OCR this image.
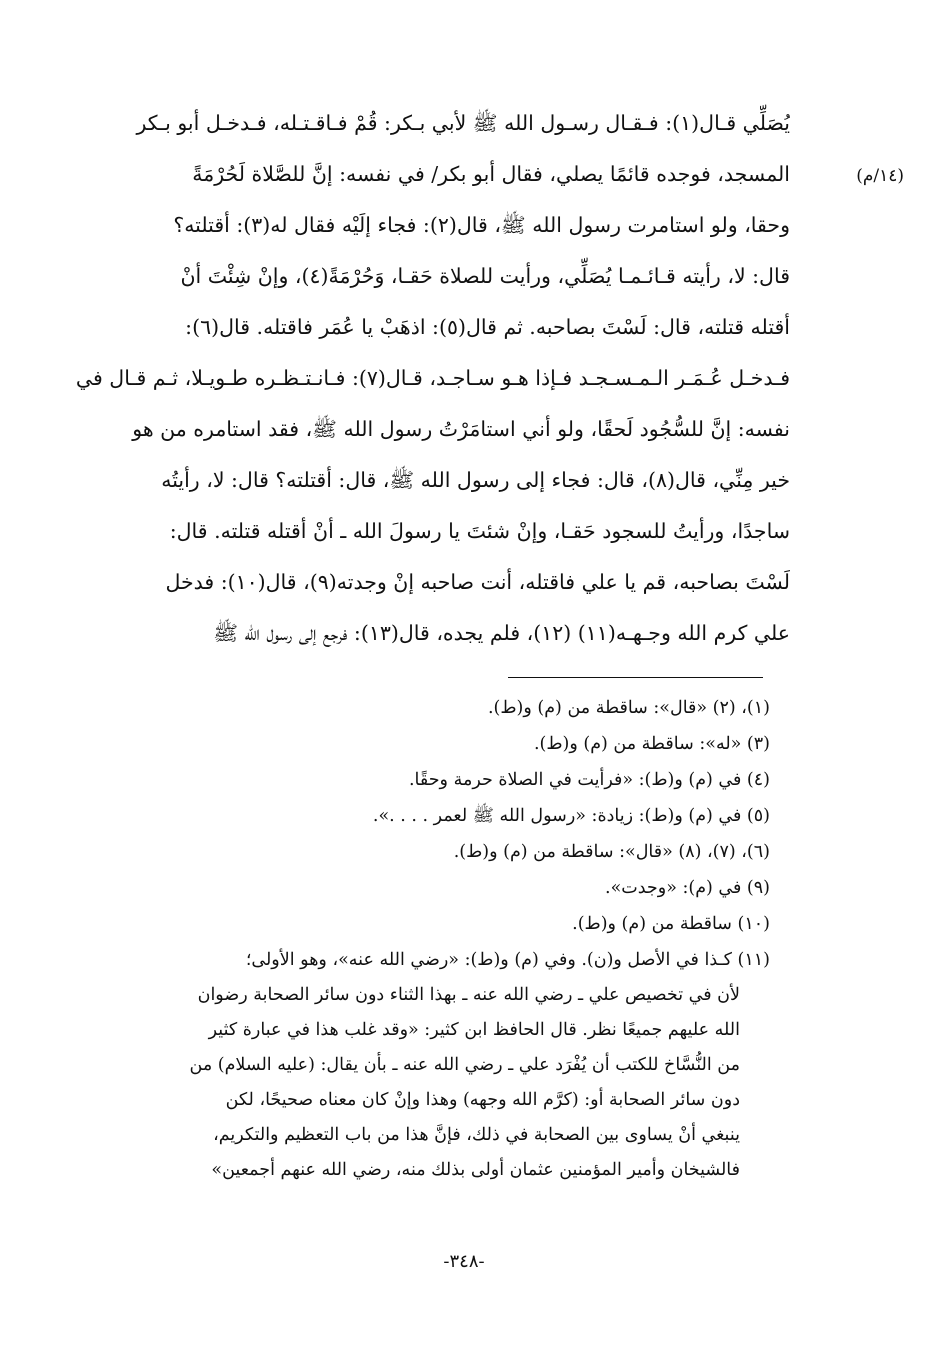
(١٤/م)
يُصَلِّي قـال(١): فـقـال رسـول الله ﷺ لأبي بـكر: قُمْ فـاقـتـله، فـدخـل أبو بـكر
المسجد، فوجده قائمًا يصلي، فقال أبو بكر/ في نفسه: إنَّ للصَّلاة لَحُرْمَةً
وحقا، ولو استامرت رسول الله ﷺ، قال(٢): فجاء إلَيْه فقال له(٣): أقتلته؟
قال: لا، رأيته قـائـمـا يُصَلِّي، ورأيت للصلاة حَقـا، وَحُرْمَةً(٤)، وإنْ شِئْتَ أنْ
أقتله قتلته، قال: لَسْتَ بصاحبه. ثم قال(٥): اذهَبْ يا عُمَر فاقتله. قال(٦):
فـدخـل عُـمَـر الـمـسـجـد فـإذا هـو سـاجـد، قـال(٧): فـانـتـظـره طـويـلا، ثـم قـال في
نفسه: إنَّ للسُّجُود لَحقًا، ولو أني استامَرْتُ رسول الله ﷺ، فقد استامره من هو
خير مِنِّي، قال(٨)، قال: فجاء إلى رسول الله ﷺ، قال: أقتلته؟ قال: لا، رأيتُه
ساجدًا، ورأيتُ للسجود حَقـا، وإنْ شئتَ يا رسولَ الله ـ أنْ أقتله قتلته. قال:
لَسْتَ بصاحبه، قم يا علي فاقتله، أنت صاحبه إنْ وجدته(٩)، قال(١٠): فدخل
علي كرم الله وجـهـه(١١) (١٢)، فلم يجده، قال(١٣): فرجع إلى رسول الله ﷺ
(١)، (٢) «قال»: ساقطة من (م) و(ط).
(٣) «له»: ساقطة من (م) و(ط).
(٤) في (م) و(ط): «فرأيت في الصلاة حرمة وحقًا.
(٥) في (م) و(ط): زيادة: «رسول الله ﷺ لعمر . . . .».
(٦)، (٧)، (٨) «قال»: ساقطة من (م) و(ط).
(٩) في (م): «وجدت».
(١٠) ساقطة من (م) و(ط).
(١١) كـذا في الأصل و(ن). وفي (م) و(ط): «رضي الله عنه»، وهو الأولى؛
لأن في تخصيص علي ـ رضي الله عنه ـ بهذا الثناء دون سائر الصحابة رضوان
الله عليهم جميعًا نظر. قال الحافظ ابن كثير: «وقد غلب هذا في عبارة كثير
من النُّسَّاخ للكتب أن يُفْرَد علي ـ رضي الله عنه ـ بأن يقال: (عليه السلام) من
دون سائر الصحابة أو: (كرَّم الله وجهه) وهذا وإنْ كان معناه صحيحًا، لكن
ينبغي أنْ يساوى بين الصحابة في ذلك، فإنَّ هذا من باب التعظيم والتكريم،
فالشيخان وأمير المؤمنين عثمان أولى بذلك منه، رضي الله عنهم أجمعين»
-٣٤٨-
